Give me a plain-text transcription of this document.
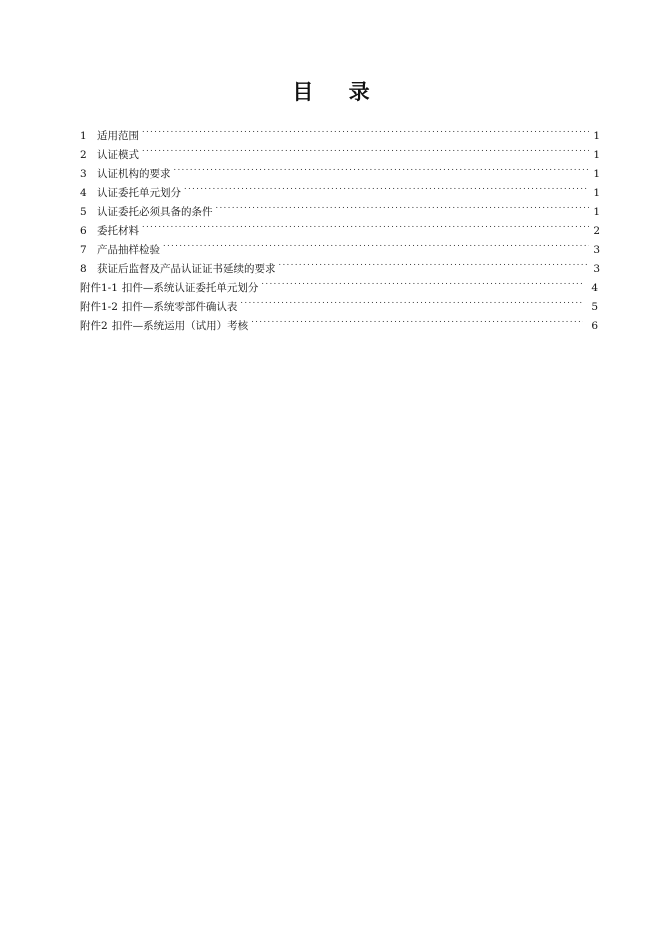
目 录
1 适用范围 . . .	1
2 认证模式 . . .	1
3 认证机构的要求 . . .	1
4 认证委托单元划分 . . .	1
5 认证委托必须具备的条件 . . .	1
6 委托材料 . . .	2
7 产品抽样检验 . . .	3
8 获证后监督及产品认证证书延续的要求 . . .	3
附件1-1 扣件—系统认证委托单元划分 . . .	4
附件1-2 扣件—系统零部件确认表 . . .	5
附件2 扣件—系统运用（试用）考核 . . .	6
